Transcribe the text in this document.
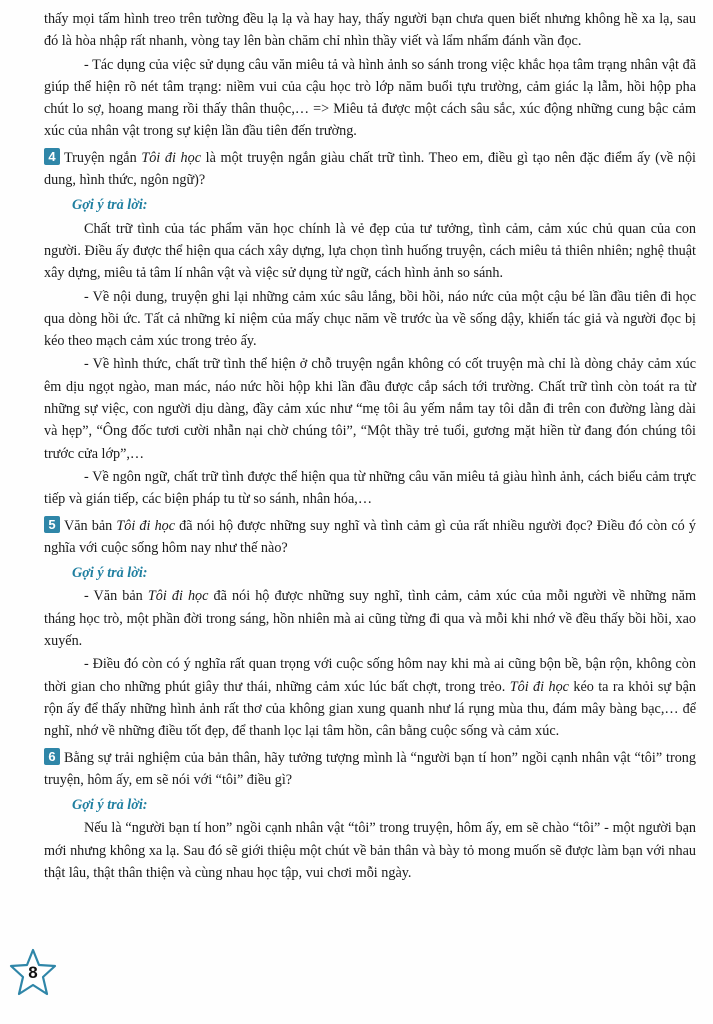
thấy mọi tấm hình treo trên tường đều lạ lạ và hay hay, thấy người bạn chưa quen biết nhưng không hề xa lạ, sau đó là hòa nhập rất nhanh, vòng tay lên bàn chăm chỉ nhìn thầy viết và lẩm nhẩm đánh vần đọc.

- Tác dụng của việc sử dụng câu văn miêu tả và hình ảnh so sánh trong việc khắc họa tâm trạng nhân vật đã giúp thể hiện rõ nét tâm trạng: niềm vui của cậu học trò lớp năm buổi tựu trường, cảm giác lạ lẫm, hồi hộp pha chút lo sợ, hoang mang rồi thấy thân thuộc,… => Miêu tả được một cách sâu sắc, xúc động những cung bậc cảm xúc của nhân vật trong sự kiện lần đầu tiên đến trường.

4 Truyện ngắn Tôi đi học là một truyện ngắn giàu chất trữ tình. Theo em, điều gì tạo nên đặc điểm ấy (về nội dung, hình thức, ngôn ngữ)?

Gợi ý trả lời:

Chất trữ tình của tác phẩm văn học chính là vẻ đẹp của tư tưởng, tình cảm, cảm xúc chủ quan của con người. Điều ấy được thể hiện qua cách xây dựng, lựa chọn tình huống truyện, cách miêu tả thiên nhiên; nghệ thuật xây dựng, miêu tả tâm lí nhân vật và việc sử dụng từ ngữ, cách hình ảnh so sánh.

- Về nội dung, truyện ghi lại những cảm xúc sâu lắng, bồi hồi, náo nức của một cậu bé lần đầu tiên đi học qua dòng hồi ức. Tất cả những kỉ niệm của mấy chục năm về trước ùa về sống dậy, khiến tác giả và người đọc bị kéo theo mạch cảm xúc trong trẻo ấy.

- Về hình thức, chất trữ tình thể hiện ở chỗ truyện ngắn không có cốt truyện mà chỉ là dòng chảy cảm xúc êm dịu ngọt ngào, man mác, náo nức hồi hộp khi lần đầu được cắp sách tới trường. Chất trữ tình còn toát ra từ những sự việc, con người dịu dàng, đầy cảm xúc như “mẹ tôi âu yếm nắm tay tôi dẫn đi trên con đường làng dài và hẹp”, “Ông đốc tươi cười nhẫn nại chờ chúng tôi”, “Một thầy trẻ tuổi, gương mặt hiền từ đang đón chúng tôi trước cửa lớp”,…

- Về ngôn ngữ, chất trữ tình được thể hiện qua từ những câu văn miêu tả giàu hình ảnh, cách biểu cảm trực tiếp và gián tiếp, các biện pháp tu từ so sánh, nhân hóa,…

5 Văn bản Tôi đi học đã nói hộ được những suy nghĩ và tình cảm gì của rất nhiều người đọc? Điều đó còn có ý nghĩa với cuộc sống hôm nay như thế nào?

Gợi ý trả lời:

- Văn bản Tôi đi học đã nói hộ được những suy nghĩ, tình cảm, cảm xúc của mỗi người về những năm tháng học trò, một phần đời trong sáng, hồn nhiên mà ai cũng từng đi qua và mỗi khi nhớ về đều thấy bồi hồi, xao xuyến.

- Điều đó còn có ý nghĩa rất quan trọng với cuộc sống hôm nay khi mà ai cũng bộn bề, bận rộn, không còn thời gian cho những phút giây thư thái, những cảm xúc lúc bất chợt, trong trẻo. Tôi đi học kéo ta ra khỏi sự bận rộn ấy để thấy những hình ảnh rất thơ của không gian xung quanh như lá rụng mùa thu, đám mây bàng bạc,… để nghĩ, nhớ về những điều tốt đẹp, để thanh lọc lại tâm hồn, cân bằng cuộc sống và cảm xúc.

6 Bằng sự trải nghiệm của bản thân, hãy tưởng tượng mình là “người bạn tí hon” ngồi cạnh nhân vật “tôi” trong truyện, hôm ấy, em sẽ nói với “tôi” điều gì?

Gợi ý trả lời:

Nếu là “người bạn tí hon” ngồi cạnh nhân vật “tôi” trong truyện, hôm ấy, em sẽ chào “tôi” - một người bạn mới nhưng không xa lạ. Sau đó sẽ giới thiệu một chút về bản thân và bày tỏ mong muốn sẽ được làm bạn với nhau thật lâu, thật thân thiện và cùng nhau học tập, vui chơi mỗi ngày.

8
